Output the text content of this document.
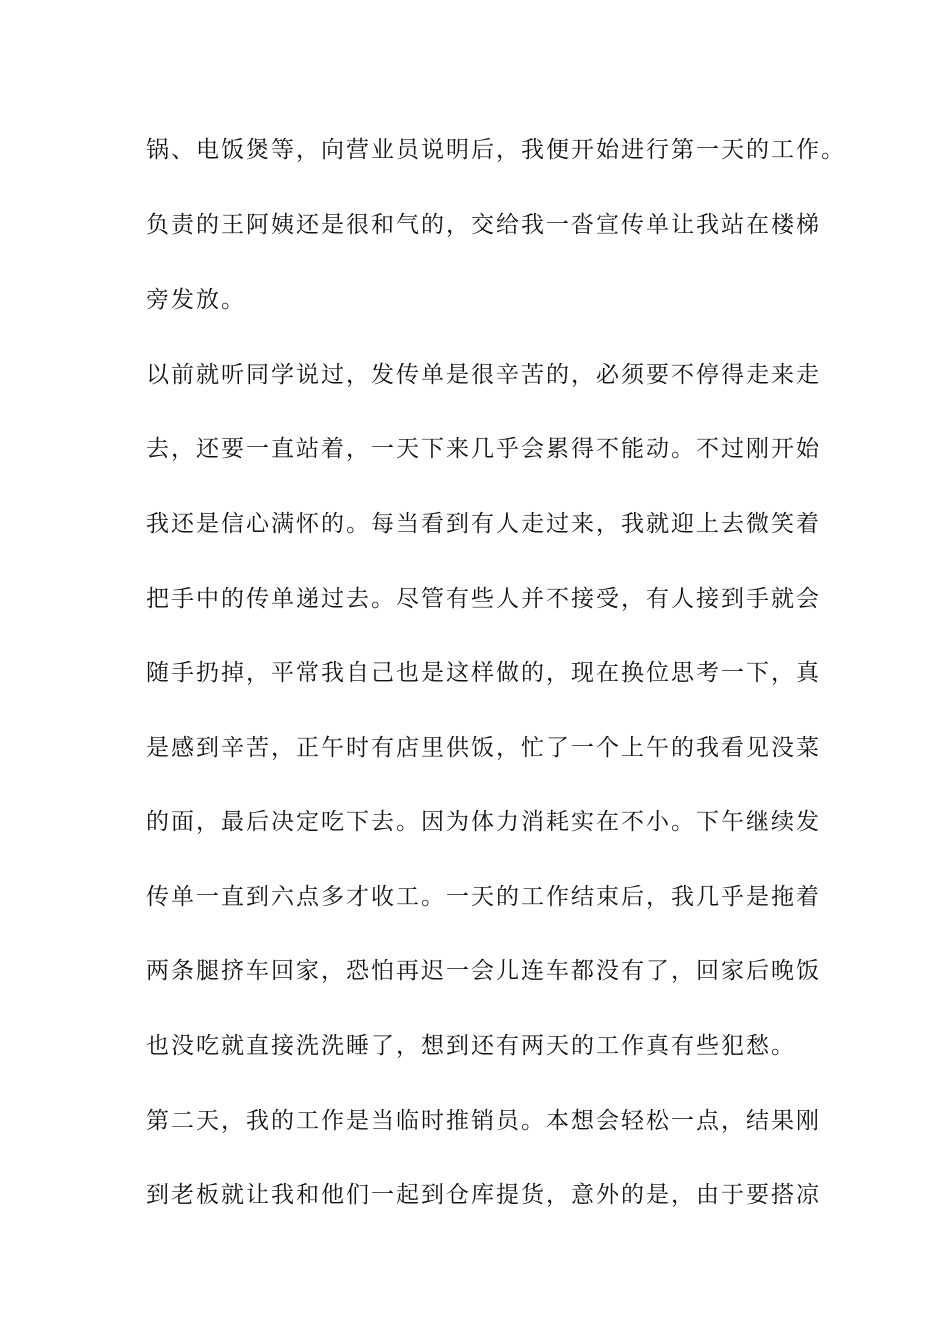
锅、电饭煲等，向营业员说明后，我便开始进行第一天的工作。
负责的王阿姨还是很和气的，交给我一沓宣传单让我站在楼梯
旁发放。
以前就听同学说过，发传单是很辛苦的，必须要不停得走来走
去，还要一直站着，一天下来几乎会累得不能动。不过刚开始
我还是信心满怀的。每当看到有人走过来，我就迎上去微笑着
把手中的传单递过去。尽管有些人并不接受，有人接到手就会
随手扔掉，平常我自己也是这样做的，现在换位思考一下，真
是感到辛苦，正午时有店里供饭，忙了一个上午的我看见没菜
的面，最后决定吃下去。因为体力消耗实在不小。下午继续发
传单一直到六点多才收工。一天的工作结束后，我几乎是拖着
两条腿挤车回家，恐怕再迟一会儿连车都没有了，回家后晚饭
也没吃就直接洗洗睡了，想到还有两天的工作真有些犯愁。
第二天，我的工作是当临时推销员。本想会轻松一点，结果刚
到老板就让我和他们一起到仓库提货，意外的是，由于要搭凉
